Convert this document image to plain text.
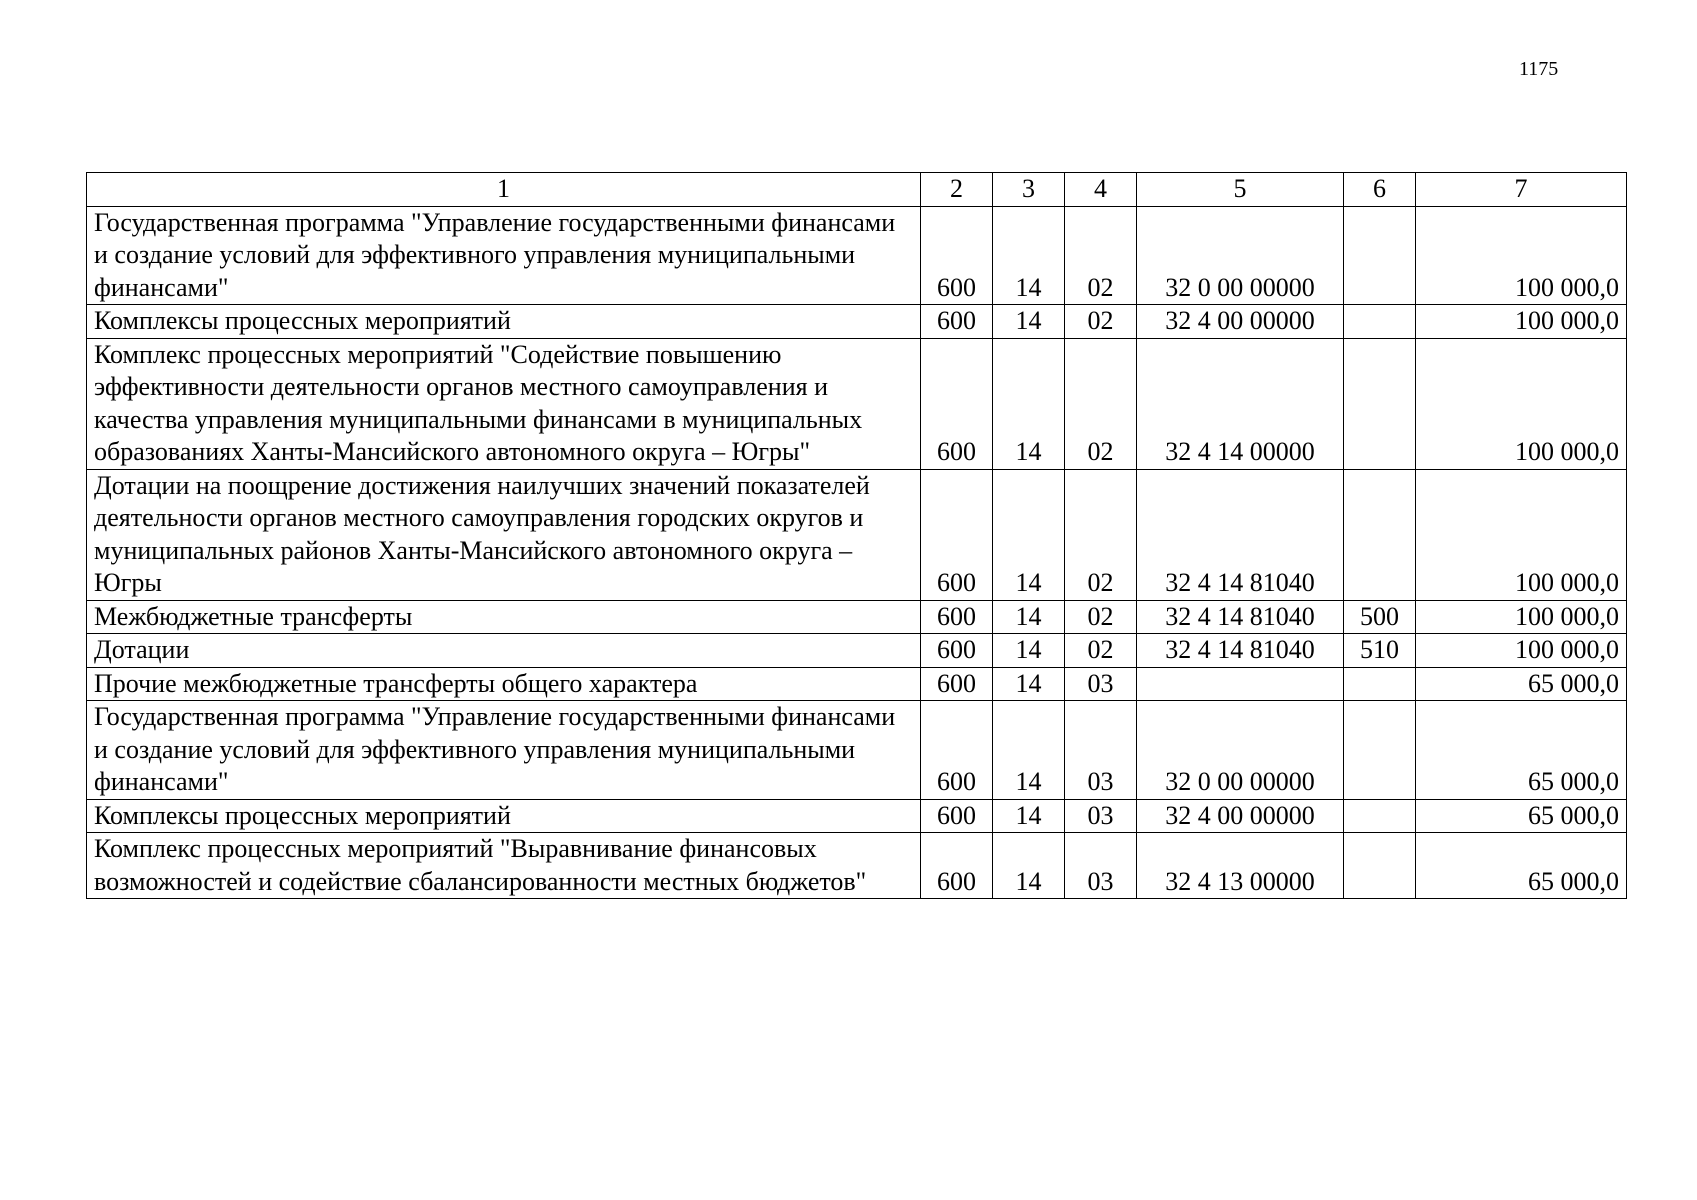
1175
1	2	3	4	5	6	7
Государственная программа "Управление государственными финансами и создание условий для эффективного управления муниципальными финансами"	600	14	02	32 0 00 00000		100 000,0
Комплексы процессных мероприятий	600	14	02	32 4 00 00000		100 000,0
Комплекс процессных мероприятий "Содействие повышению эффективности деятельности органов местного самоуправления и качества управления муниципальными финансами в муниципальных образованиях Ханты-Мансийского автономного округа – Югры"	600	14	02	32 4 14 00000		100 000,0
Дотации на поощрение достижения наилучших значений показателей деятельности органов местного самоуправления городских округов и муниципальных районов Ханты-Мансийского автономного округа – Югры	600	14	02	32 4 14 81040		100 000,0
Межбюджетные трансферты	600	14	02	32 4 14 81040	500	100 000,0
Дотации	600	14	02	32 4 14 81040	510	100 000,0
Прочие межбюджетные трансферты общего характера	600	14	03			65 000,0
Государственная программа "Управление государственными финансами и создание условий для эффективного управления муниципальными финансами"	600	14	03	32 0 00 00000		65 000,0
Комплексы процессных мероприятий	600	14	03	32 4 00 00000		65 000,0
Комплекс процессных мероприятий "Выравнивание финансовых возможностей и содействие сбалансированности местных бюджетов"	600	14	03	32 4 13 00000		65 000,0
